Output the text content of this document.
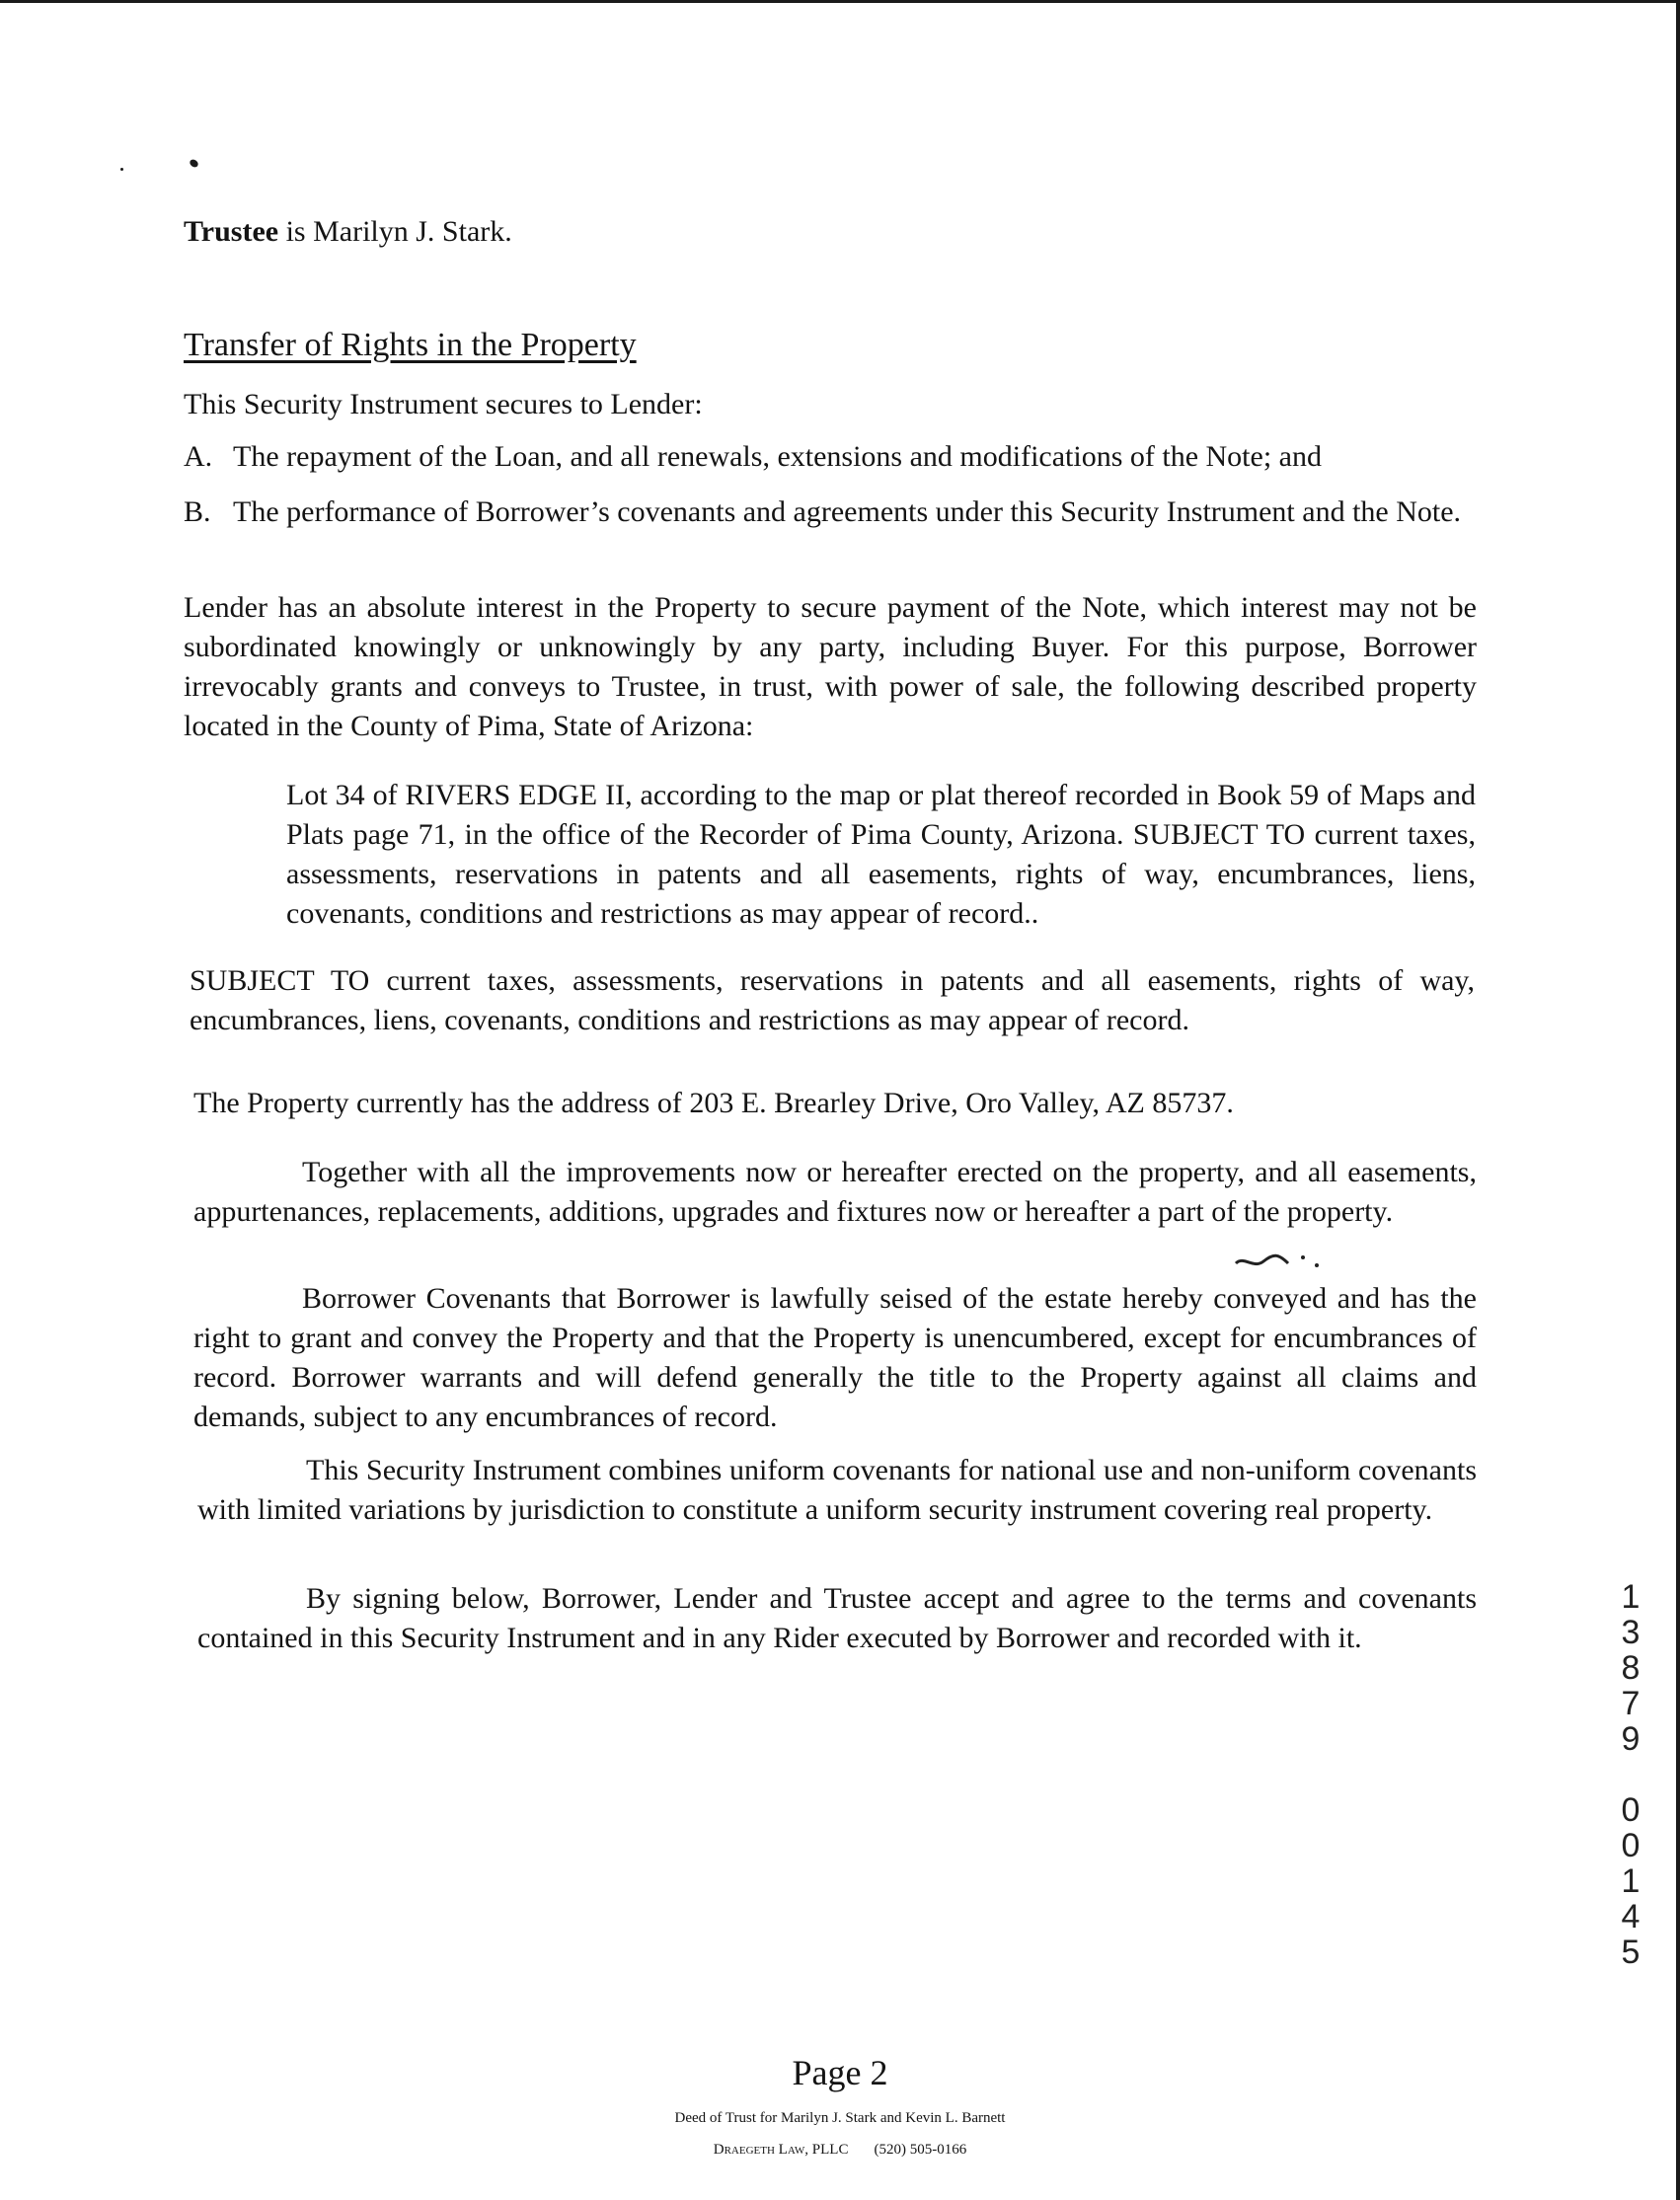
Trustee is Marilyn J. Stark.
Transfer of Rights in the Property

This Security Instrument secures to Lender:

A. The repayment of the Loan, and all renewals, extensions and modifications of the Note; and
B. The performance of Borrower’s covenants and agreements under this Security Instrument and the Note.

Lender has an absolute interest in the Property to secure payment of the Note, which interest may not be subordinated knowingly or unknowingly by any party, including Buyer. For this purpose, Borrower irrevocably grants and conveys to Trustee, in trust, with power of sale, the following described property located in the County of Pima, State of Arizona:

Lot 34 of RIVERS EDGE II, according to the map or plat thereof recorded in Book 59 of Maps and Plats page 71, in the office of the Recorder of Pima County, Arizona. SUBJECT TO current taxes, assessments, reservations in patents and all easements, rights of way, encumbrances, liens, covenants, conditions and restrictions as may appear of record..

SUBJECT TO current taxes, assessments, reservations in patents and all easements, rights of way, encumbrances, liens, covenants, conditions and restrictions as may appear of record.

The Property currently has the address of 203 E. Brearley Drive, Oro Valley, AZ 85737.

Together with all the improvements now or hereafter erected on the property, and all easements, appurtenances, replacements, additions, upgrades and fixtures now or hereafter a part of the property.

Borrower Covenants that Borrower is lawfully seised of the estate hereby conveyed and has the right to grant and convey the Property and that the Property is unencumbered, except for encumbrances of record. Borrower warrants and will defend generally the title to the Property against all claims and demands, subject to any encumbrances of record.

This Security Instrument combines uniform covenants for national use and non-uniform covenants with limited variations by jurisdiction to constitute a uniform security instrument covering real property.

By signing below, Borrower, Lender and Trustee accept and agree to the terms and covenants contained in this Security Instrument and in any Rider executed by Borrower and recorded with it.

1
3
8
7
9
0
0
1
4
5
Page 2
Deed of Trust for Marilyn J. Stark and Kevin L. Barnett
Draegeth Law, PLLC (520) 505-0166
